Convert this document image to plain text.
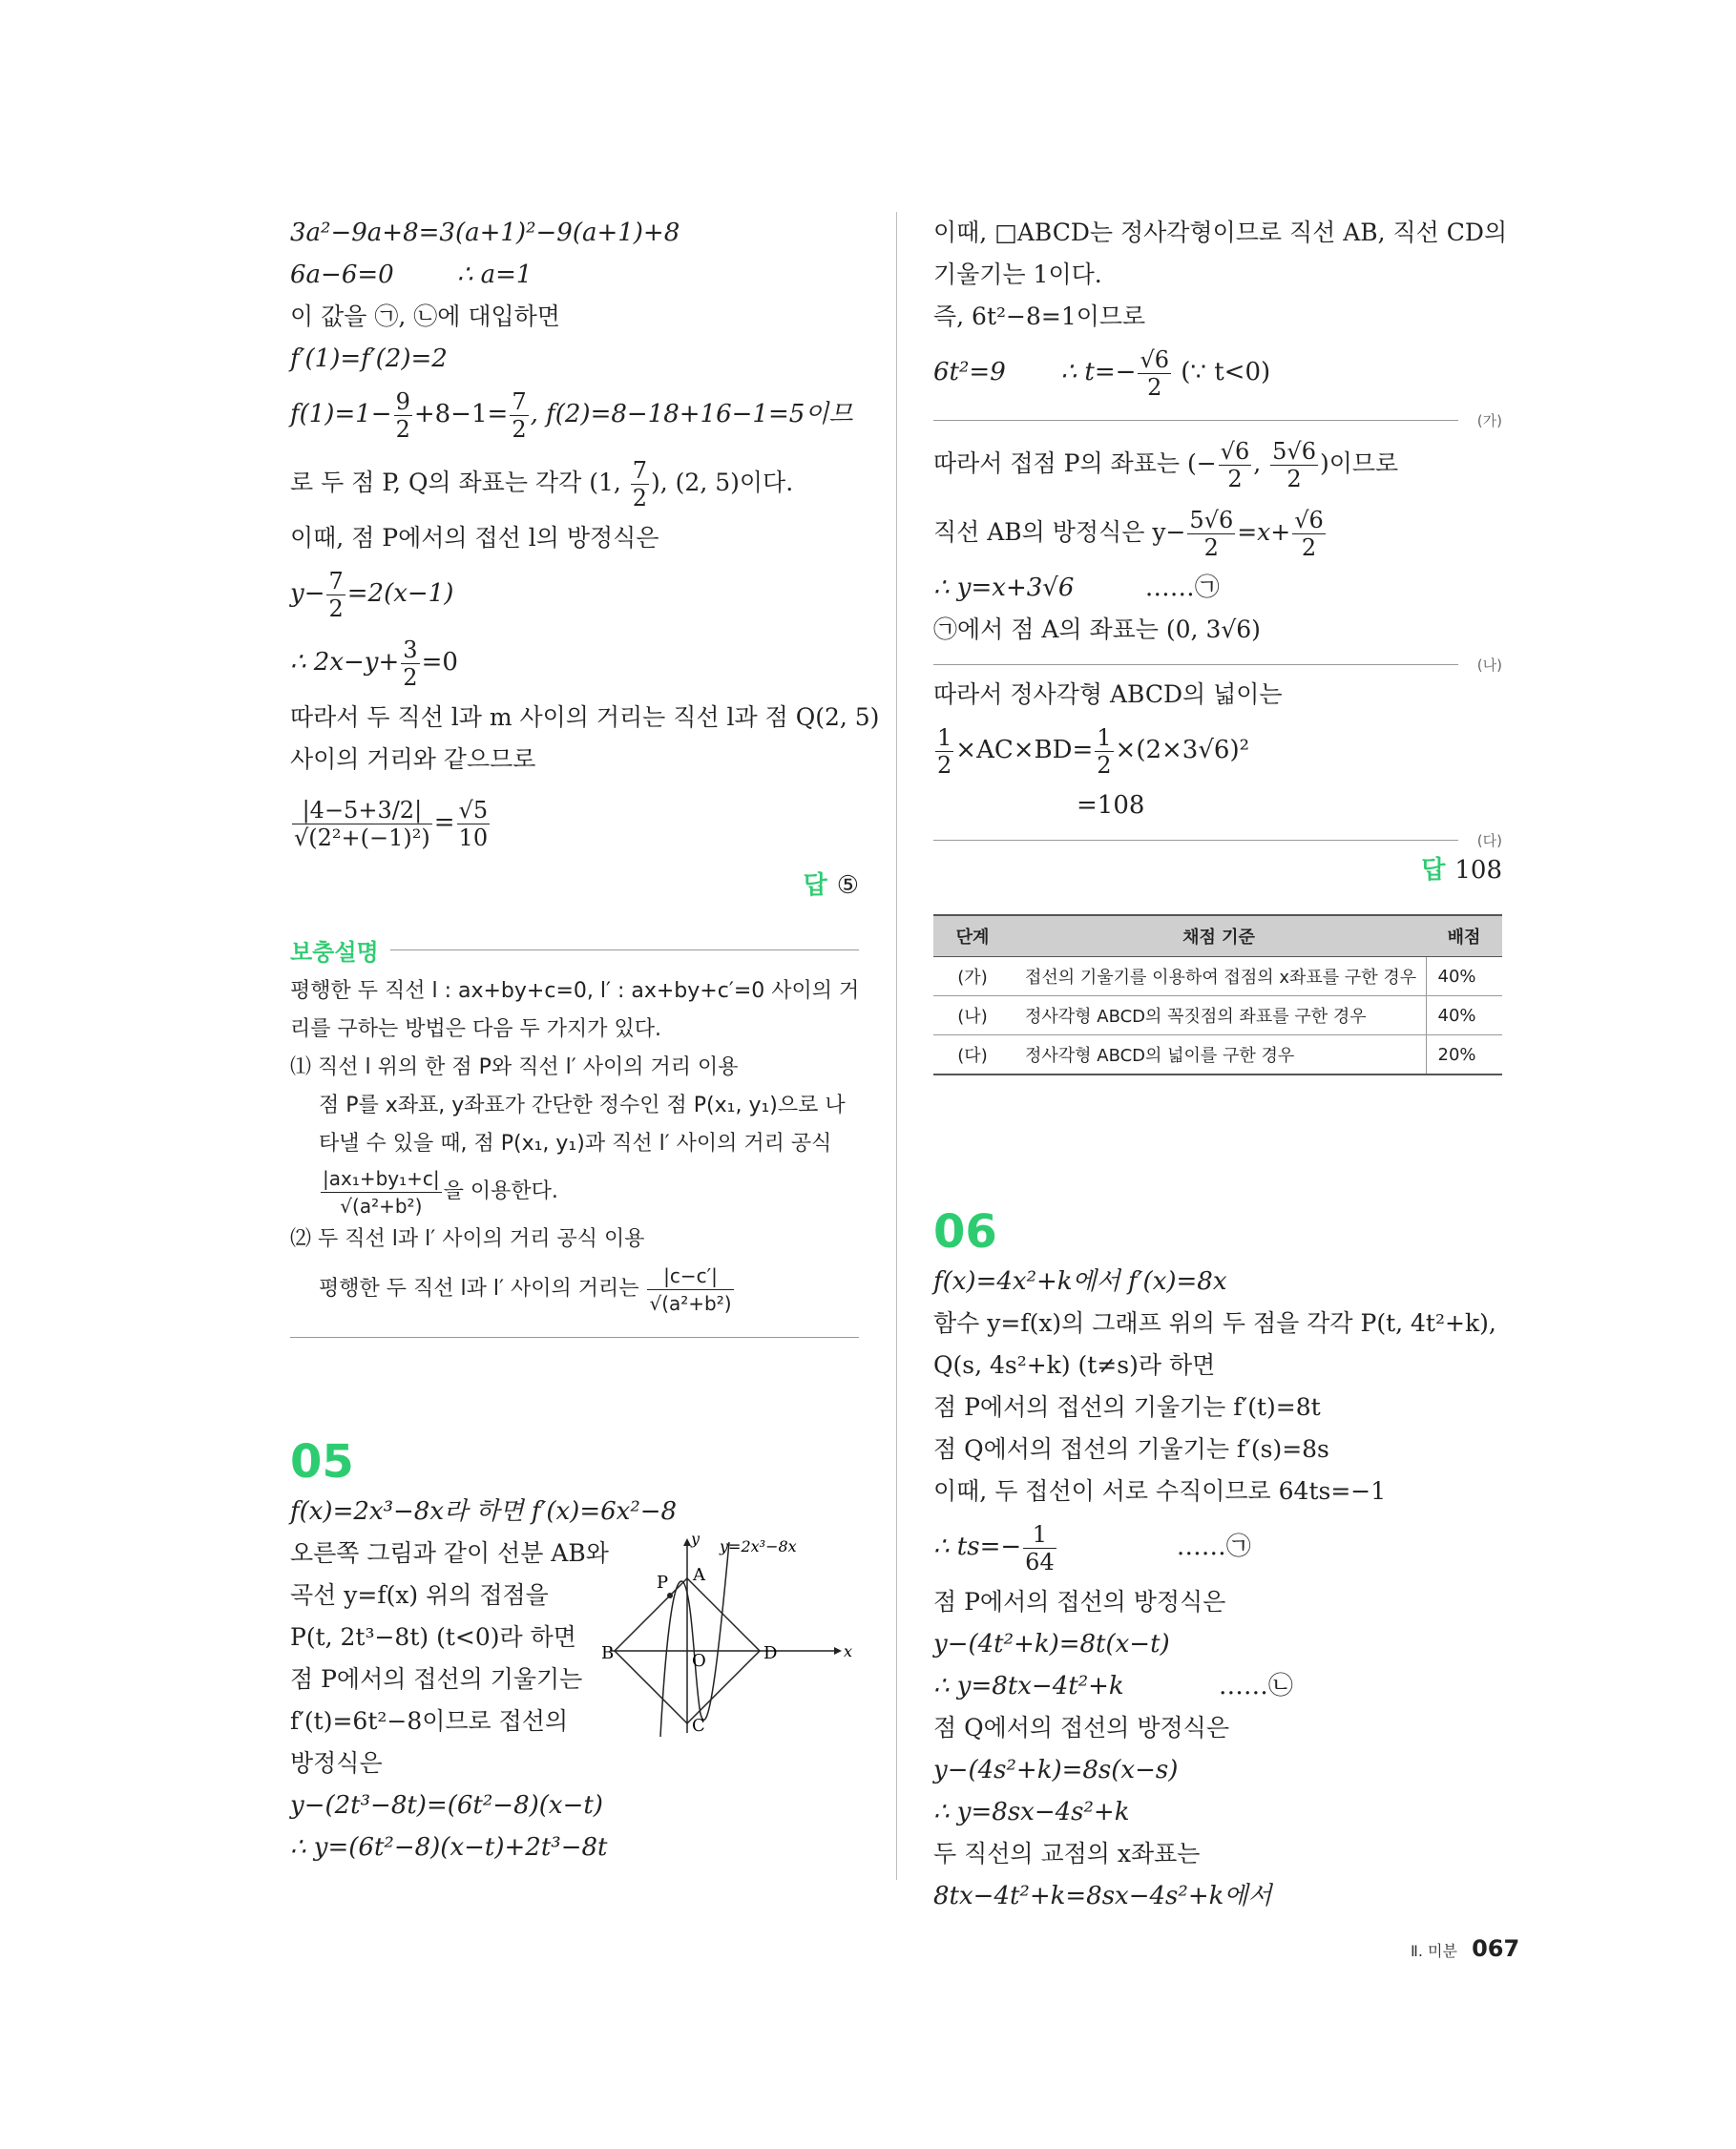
3a²−9a+8=3(a+1)²−9(a+1)+8
6a−6=0	∴ a=1
이 값을 ㉠, ㉡에 대입하면
f′(1)=f′(2)=2
$f(1)=1- \frac{9}{2} +8-1= \frac{7}{2}$ , f(2)=8−18+16−1=5이므
로 두 점 P, Q의 좌표는 각각 (1, $\frac{7}{2}$ ), (2, 5)이다.
이때, 점 P에서의 접선 l의 방정식은
$y- \frac{7}{2} =2(x-1)$
∴ $2x-y+ \frac{3}{2} =0$
따라서 두 직선 l과 m 사이의 거리는 직선 l과 점 Q(2, 5)
사이의 거리와 같으므로
$\frac{|4-5+3/2|}{\text{√(2²+(−1)²)}} = \frac{√5}{10}$
답 ⑤
보충설명
평행한 두 직선 l : ax+by+c=0, l′ : ax+by+c′=0 사이의 거
리를 구하는 방법은 다음 두 가지가 있다.
⑴ 직선 l 위의 한 점 P와 직선 l′ 사이의 거리 이용
점 P를 x좌표, y좌표가 간단한 정수인 점 P(x₁, y₁)으로 나
타낼 수 있을 때, 점 P(x₁, y₁)과 직선 l′ 사이의 거리 공식
$\frac{\text{|ax₁+by₁+c|}}{\text{√(a²+b²)}}$ 을 이용한다.
⑵ 두 직선 l과 l′ 사이의 거리 공식 이용
평행한 두 직선 l과 l′ 사이의 거리는 $\frac{|c-c'|}{\text{√(a²+b²)}}$
05
f(x)=2x³−8x라 하면 f′(x)=6x²−8
오른쪽 그림과 같이 선분 AB와
곡선 y=f(x) 위의 접점을
P(t, 2t³−8t) (t<0)라 하면
점 P에서의 접선의 기울기는
f′(t)=6t²−8이므로 접선의
방정식은
y
x
y=2x³−8x
A
P
B	D
O
C
y−(2t³−8t)=(6t²−8)(x−t)
∴ y=(6t²−8)(x−t)+2t³−8t
이때, □ABCD는 정사각형이므로 직선 AB, 직선 CD의
기울기는 1이다.
즉, 6t²−8=1이므로
6t²=9 ∴ $t=- \frac{√6}{2}$ (∵ t<0)
(가)
따라서 접점 P의 좌표는 (− $\frac{√6}{2}$ , $\frac{5√6}{2}$ )이므로
직선 AB의 방정식은 $y- \frac{5√6}{2} =x+ \frac{√6}{2}$
∴ y=x+3√6	……㉠
㉠에서 점 A의 좌표는 (0, 3√6)
(나)
따라서 정사각형 ABCD의 넓이는
$\frac{1}{2} \times AC\times BD= \frac{1}{2} \times(2\times 3√6)^2$
=108
(다)
답 108
단계	채점 기준	배점
(가)	접선의 기울기를 이용하여 접점의 x좌표를 구한 경우	40%
(나)	정사각형 ABCD의 꼭짓점의 좌표를 구한 경우	40%
(다)	정사각형 ABCD의 넓이를 구한 경우	20%
06
f(x)=4x²+k에서 f′(x)=8x
함수 y=f(x)의 그래프 위의 두 점을 각각 P(t, 4t²+k),
Q(s, 4s²+k) (t≠s)라 하면
점 P에서의 접선의 기울기는 f′(t)=8t
점 Q에서의 접선의 기울기는 f′(s)=8s
이때, 두 접선이 서로 수직이므로 64ts=−1
∴ $ts=- \frac{1}{64}$	……㉠
점 P에서의 접선의 방정식은
y−(4t²+k)=8t(x−t)
∴ y=8tx−4t²+k	……㉡
점 Q에서의 접선의 방정식은
y−(4s²+k)=8s(x−s)
∴ y=8sx−4s²+k
두 직선의 교점의 x좌표는
8tx−4t²+k=8sx−4s²+k에서
Ⅱ. 미분 067
